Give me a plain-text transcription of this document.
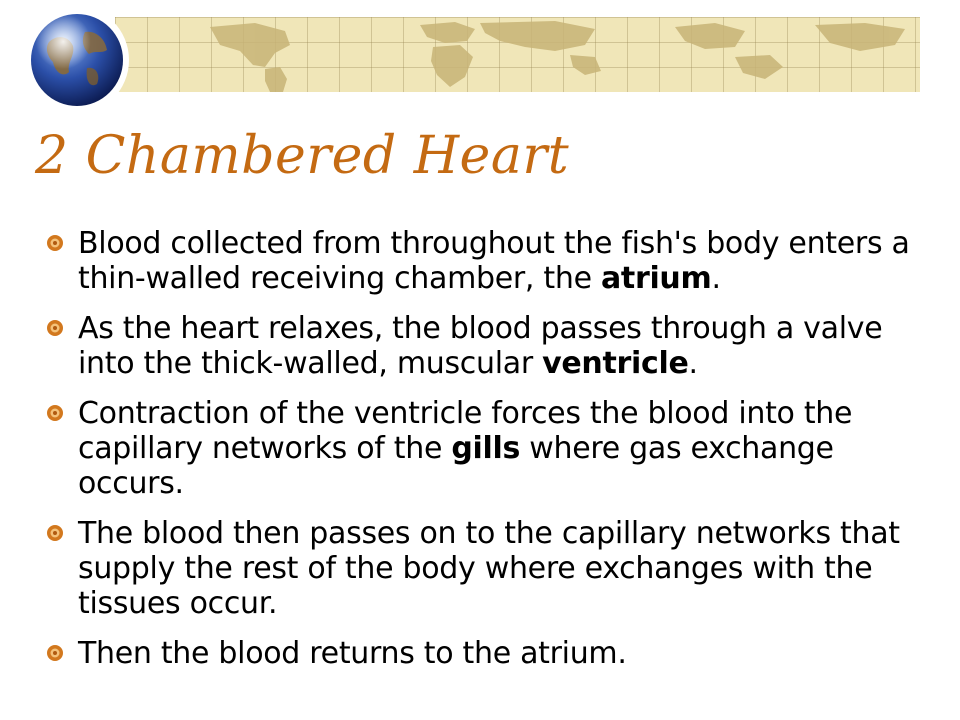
2 Chambered Heart
Blood collected from throughout the fish's body enters a thin-walled receiving chamber, the atrium.
As the heart relaxes, the blood passes through a valve into the thick-walled, muscular ventricle.
Contraction of the ventricle forces the blood into the capillary networks of the gills where gas exchange occurs.
The blood then passes on to the capillary networks that supply the rest of the body where exchanges with the tissues occur.
Then the blood returns to the atrium.
